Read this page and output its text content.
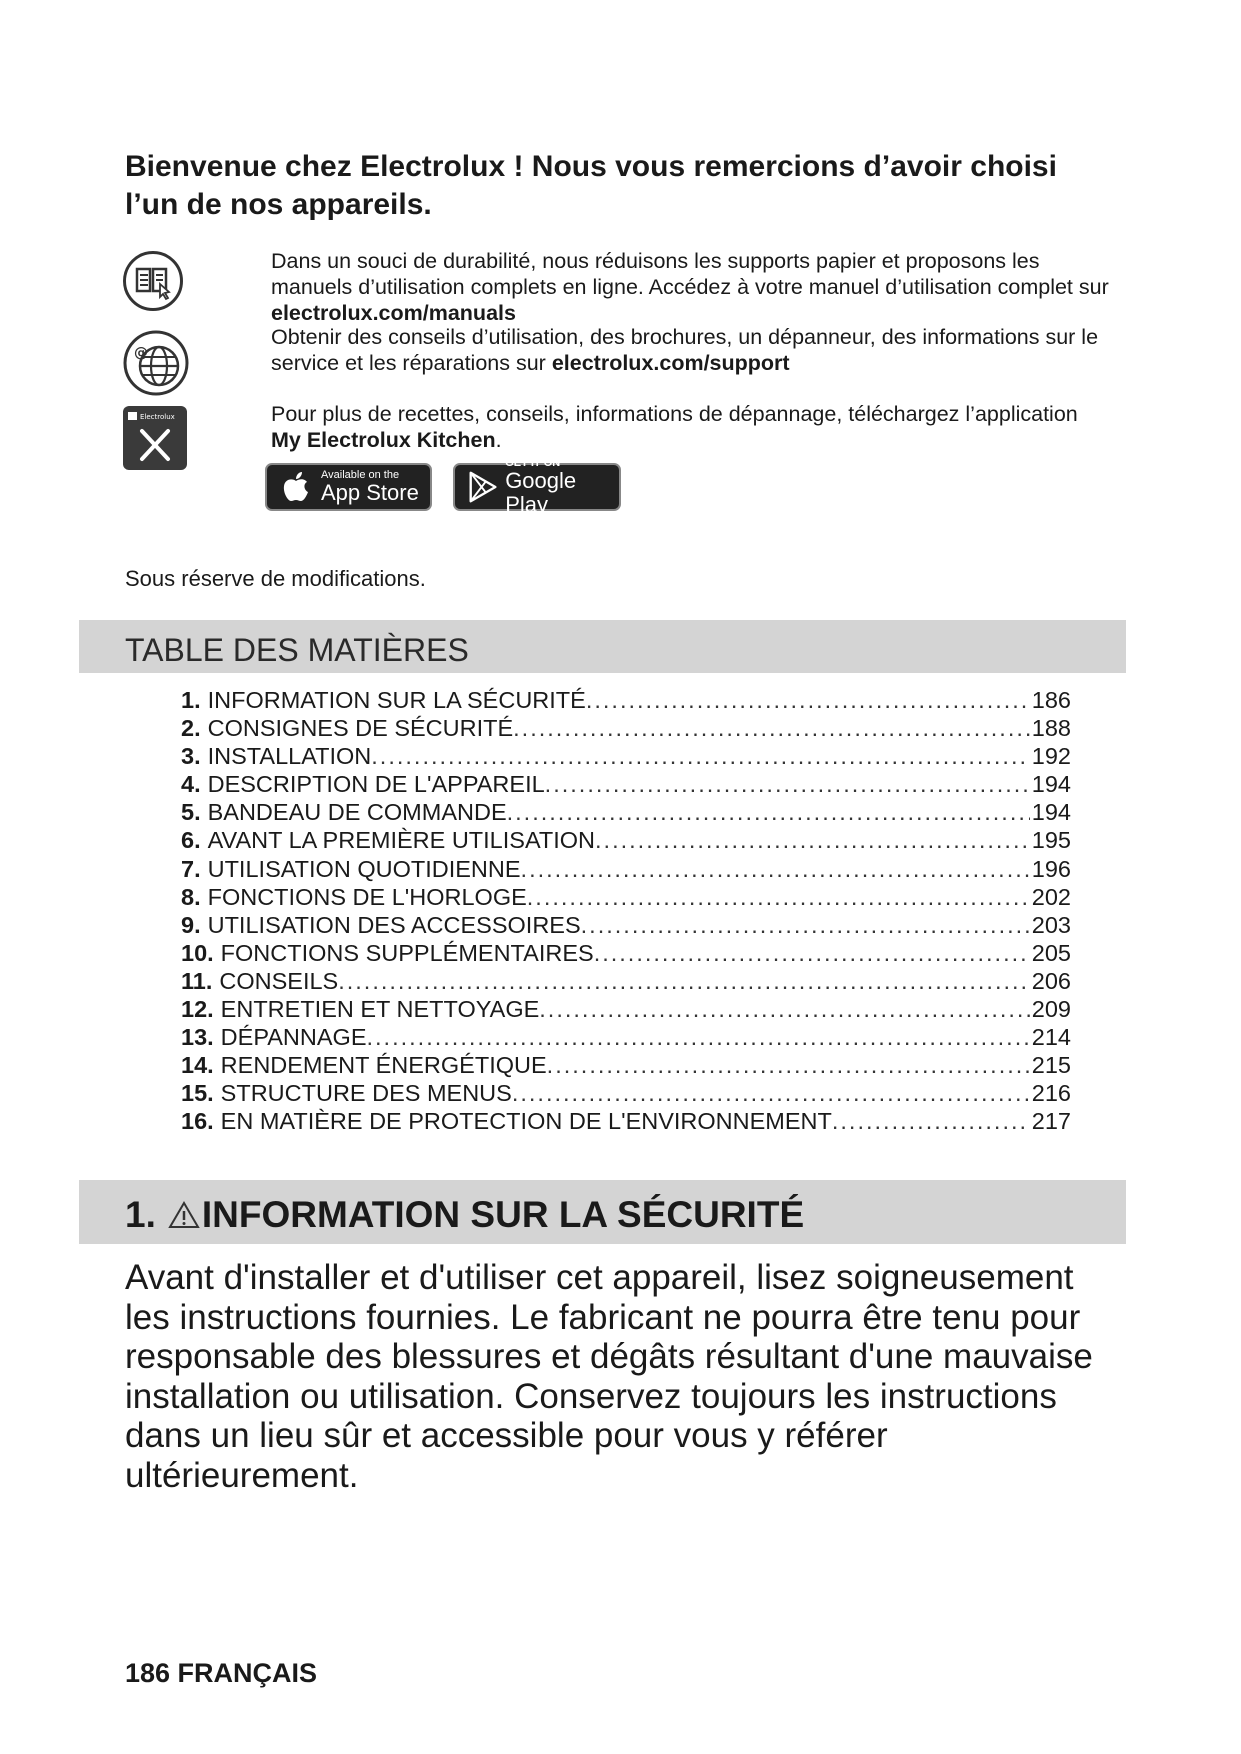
Bienvenue chez Electrolux ! Nous vous remercions d’avoir choisi l’un de nos appareils.
@
Electrolux
Dans un souci de durabilité, nous réduisons les supports papier et proposons les manuels d’utilisation complets en ligne. Accédez à votre manuel d’utilisation complet sur electrolux.com/manuals
Obtenir des conseils d’utilisation, des brochures, un dépanneur, des informations sur le service et les réparations sur electrolux.com/support
Pour plus de recettes, conseils, informations de dépannage, téléchargez l’application
My Electrolux Kitchen.
Available on the
App Store
GET IT ON
Google Play

Sous réserve de modifications.

TABLE DES MATIÈRES
1. INFORMATION SUR LA SÉCURITÉ .....	186
2. CONSIGNES DE SÉCURITÉ .....	188
3. INSTALLATION .....	192
4. DESCRIPTION DE L'APPAREIL .....	194
5. BANDEAU DE COMMANDE .....	194
6. AVANT LA PREMIÈRE UTILISATION .....	195
7. UTILISATION QUOTIDIENNE .....	196
8. FONCTIONS DE L'HORLOGE .....	202
9. UTILISATION DES ACCESSOIRES .....	203
10. FONCTIONS SUPPLÉMENTAIRES .....	205
11. CONSEILS .....	206
12. ENTRETIEN ET NETTOYAGE .....	209
13. DÉPANNAGE .....	214
14. RENDEMENT ÉNERGÉTIQUE .....	215
15. STRUCTURE DES MENUS .....	216
16. EN MATIÈRE DE PROTECTION DE L'ENVIRONNEMENT .....	217
1. INFORMATION SUR LA SÉCURITÉ

Avant d'installer et d'utiliser cet appareil, lisez soigneusement les instructions fournies. Le fabricant ne pourra être tenu pour responsable des blessures et dégâts résultant d'une mauvaise installation ou utilisation. Conservez toujours les instructions dans un lieu sûr et accessible pour vous y référer ultérieurement.

186 FRANÇAIS
